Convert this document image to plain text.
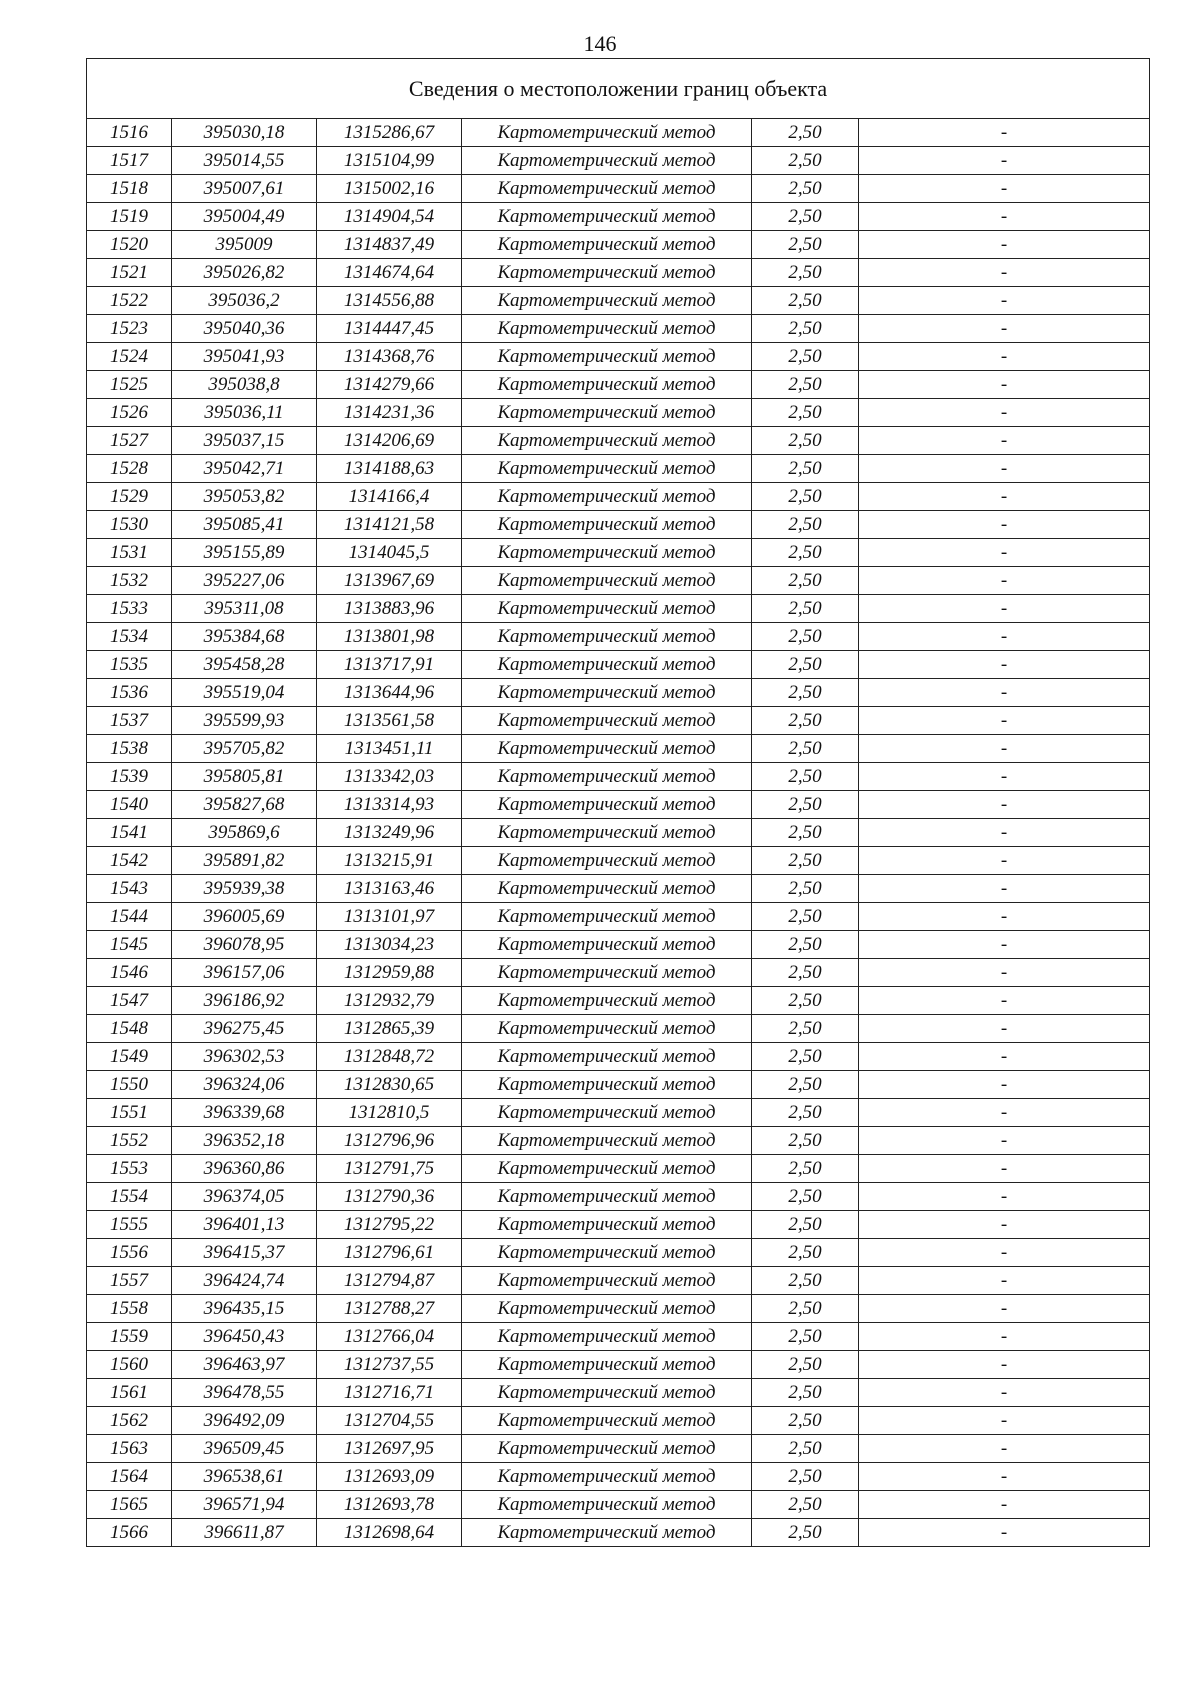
146
Сведения о местоположении границ объекта					
1516	395030,18	1315286,67	Картометрический метод	2,50	-
1517	395014,55	1315104,99	Картометрический метод	2,50	-
1518	395007,61	1315002,16	Картометрический метод	2,50	-
1519	395004,49	1314904,54	Картометрический метод	2,50	-
1520	395009	1314837,49	Картометрический метод	2,50	-
1521	395026,82	1314674,64	Картометрический метод	2,50	-
1522	395036,2	1314556,88	Картометрический метод	2,50	-
1523	395040,36	1314447,45	Картометрический метод	2,50	-
1524	395041,93	1314368,76	Картометрический метод	2,50	-
1525	395038,8	1314279,66	Картометрический метод	2,50	-
1526	395036,11	1314231,36	Картометрический метод	2,50	-
1527	395037,15	1314206,69	Картометрический метод	2,50	-
1528	395042,71	1314188,63	Картометрический метод	2,50	-
1529	395053,82	1314166,4	Картометрический метод	2,50	-
1530	395085,41	1314121,58	Картометрический метод	2,50	-
1531	395155,89	1314045,5	Картометрический метод	2,50	-
1532	395227,06	1313967,69	Картометрический метод	2,50	-
1533	395311,08	1313883,96	Картометрический метод	2,50	-
1534	395384,68	1313801,98	Картометрический метод	2,50	-
1535	395458,28	1313717,91	Картометрический метод	2,50	-
1536	395519,04	1313644,96	Картометрический метод	2,50	-
1537	395599,93	1313561,58	Картометрический метод	2,50	-
1538	395705,82	1313451,11	Картометрический метод	2,50	-
1539	395805,81	1313342,03	Картометрический метод	2,50	-
1540	395827,68	1313314,93	Картометрический метод	2,50	-
1541	395869,6	1313249,96	Картометрический метод	2,50	-
1542	395891,82	1313215,91	Картометрический метод	2,50	-
1543	395939,38	1313163,46	Картометрический метод	2,50	-
1544	396005,69	1313101,97	Картометрический метод	2,50	-
1545	396078,95	1313034,23	Картометрический метод	2,50	-
1546	396157,06	1312959,88	Картометрический метод	2,50	-
1547	396186,92	1312932,79	Картометрический метод	2,50	-
1548	396275,45	1312865,39	Картометрический метод	2,50	-
1549	396302,53	1312848,72	Картометрический метод	2,50	-
1550	396324,06	1312830,65	Картометрический метод	2,50	-
1551	396339,68	1312810,5	Картометрический метод	2,50	-
1552	396352,18	1312796,96	Картометрический метод	2,50	-
1553	396360,86	1312791,75	Картометрический метод	2,50	-
1554	396374,05	1312790,36	Картометрический метод	2,50	-
1555	396401,13	1312795,22	Картометрический метод	2,50	-
1556	396415,37	1312796,61	Картометрический метод	2,50	-
1557	396424,74	1312794,87	Картометрический метод	2,50	-
1558	396435,15	1312788,27	Картометрический метод	2,50	-
1559	396450,43	1312766,04	Картометрический метод	2,50	-
1560	396463,97	1312737,55	Картометрический метод	2,50	-
1561	396478,55	1312716,71	Картометрический метод	2,50	-
1562	396492,09	1312704,55	Картометрический метод	2,50	-
1563	396509,45	1312697,95	Картометрический метод	2,50	-
1564	396538,61	1312693,09	Картометрический метод	2,50	-
1565	396571,94	1312693,78	Картометрический метод	2,50	-
1566	396611,87	1312698,64	Картометрический метод	2,50	-
